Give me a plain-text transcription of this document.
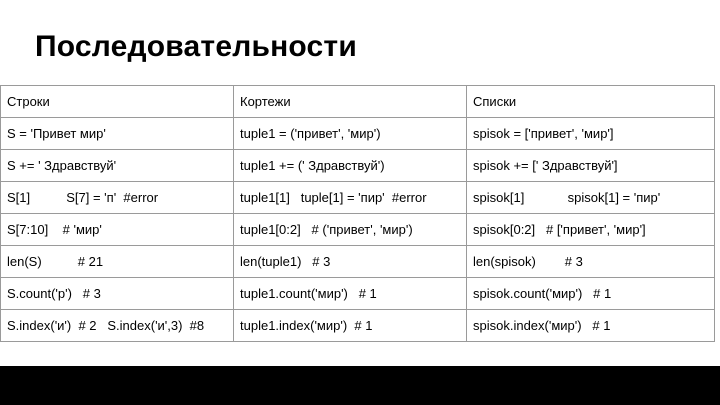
Последовательности
Строки	Кортежи	Списки
S = 'Привет мир'	tuple1 = ('привет', 'мир')	spisok = ['привет', 'мир']
S += ' Здравствуй'	tuple1 += (' Здравствуй')	spisok += [' Здравствуй']
S[1]          S[7] = 'п'  #error	tuple1[1]   tuple[1] = 'пир'  #error	spisok[1]            spisok[1] = 'пир'
S[7:10]    # 'мир'	tuple1[0:2]   # ('привет', 'мир')	spisok[0:2]   # ['привет', 'мир']
len(S)          # 21	len(tuple1)   # 3	len(spisok)        # 3
S.count('р')   # 3	tuple1.count('мир')   # 1	spisok.count('мир')   # 1
S.index('и')  # 2   S.index('и',3)  #8	tuple1.index('мир')  # 1	spisok.index('мир')   # 1
